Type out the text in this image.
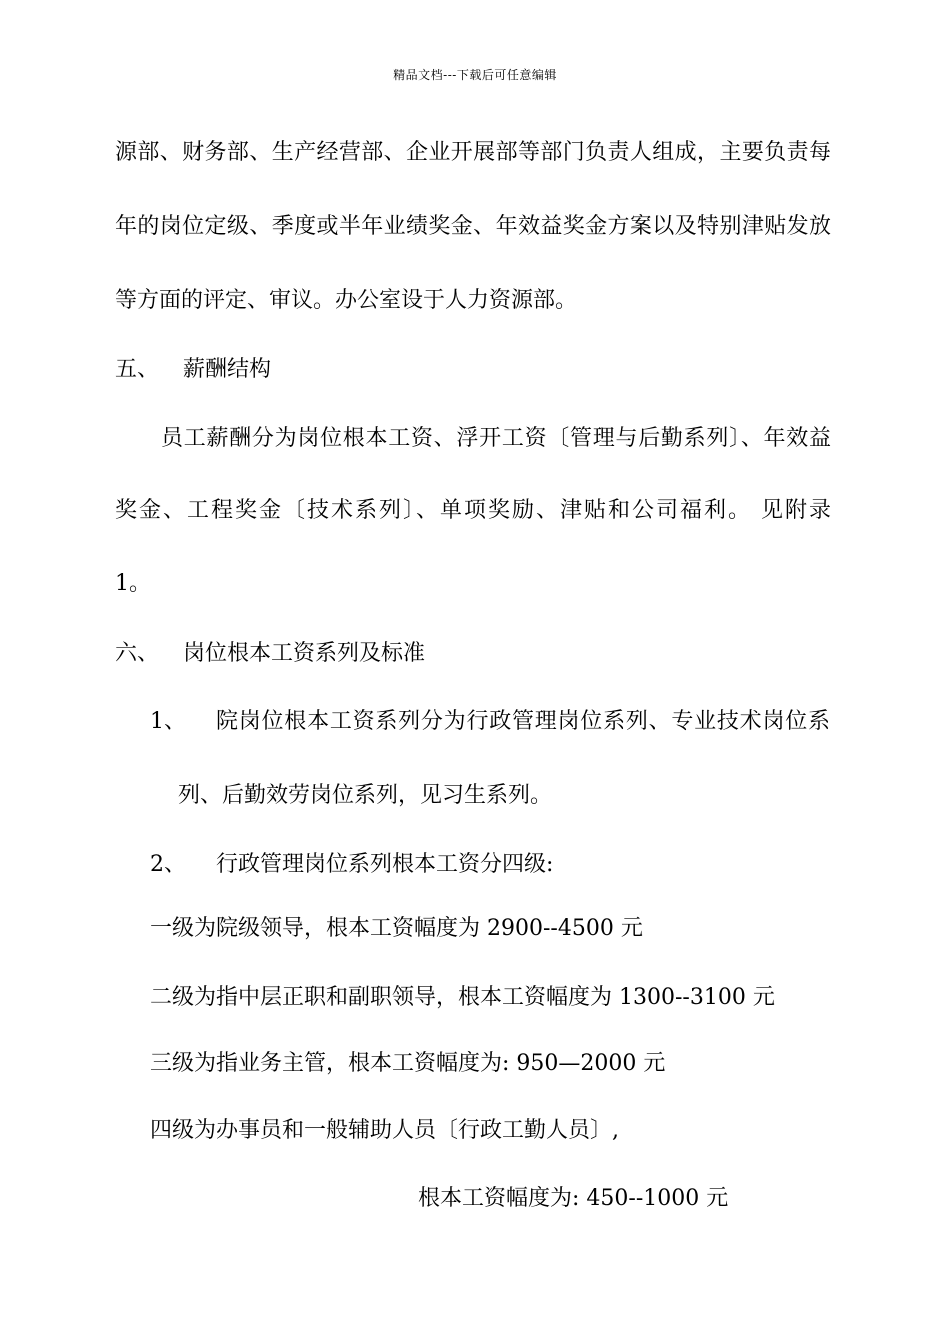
精品文档---下载后可任意编辑
源部、财务部、生产经营部、企业开展部等部门负责人组成，主要负责每
年的岗位定级、季度或半年业绩奖金、年效益奖金方案以及特别津贴发放
等方面的评定、审议。办公室设于人力资源部。
五、 薪酬结构
员工薪酬分为岗位根本工资、浮开工资〔管理与后勤系列〕、年效益
奖金、工程奖金〔技术系列〕、单项奖励、津贴和公司福利。 见附录
1。
六、 岗位根本工资系列及标准
1、 院岗位根本工资系列分为行政管理岗位系列、专业技术岗位系
列、后勤效劳岗位系列，见习生系列。
2、 行政管理岗位系列根本工资分四级:
一级为院级领导，根本工资幅度为 2900--4500 元
二级为指中层正职和副职领导，根本工资幅度为 1300--3100 元
三级为指业务主管，根本工资幅度为: 950—2000 元
四级为办事员和一般辅助人员〔行政工勤人员〕,
根本工资幅度为: 450--1000 元
